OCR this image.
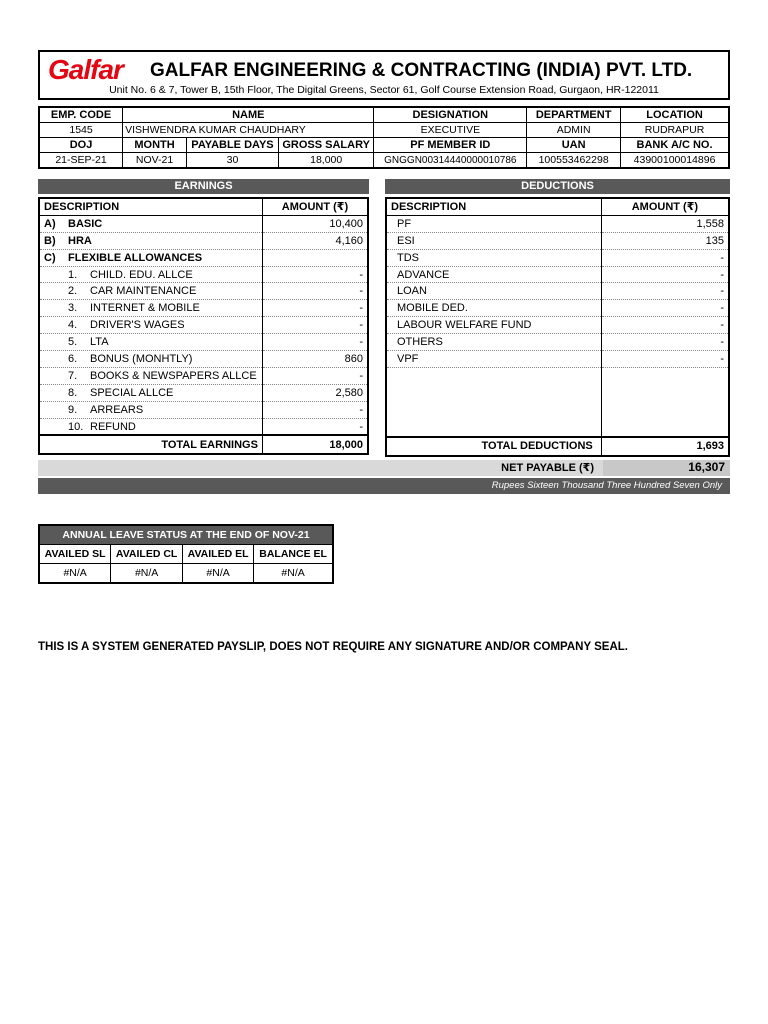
Galfar GALFAR ENGINEERING & CONTRACTING (INDIA) PVT. LTD.
Unit No. 6 & 7, Tower B, 15th Floor, The Digital Greens, Sector 61, Golf Course Extension Road, Gurgaon, HR-122011
EMP. CODE	NAME			DESIGNATION	DEPARTMENT	LOCATION
1545	VISHWENDRA KUMAR CHAUDHARY			EXECUTIVE	ADMIN	RUDRAPUR
DOJ	MONTH	PAYABLE DAYS	GROSS SALARY	PF MEMBER ID	UAN	BANK A/C NO.
21-SEP-21	NOV-21	30	18,000	GNGGN00314440000010786	100553462298	43900100014896
EARNINGS	DEDUCTIONS
DESCRIPTION	AMOUNT (₹)
A) BASIC	10,400
B) HRA	4,160
C) FLEXIBLE ALLOWANCES	
1. CHILD. EDU. ALLCE	-
2. CAR MAINTENANCE	-
3. INTERNET & MOBILE	-
4. DRIVER'S WAGES	-
5. LTA	-
6. BONUS (MONHTLY)	860
7. BOOKS & NEWSPAPERS ALLCE	-
8. SPECIAL ALLCE	2,580
9. ARREARS	-
10. REFUND	-
TOTAL EARNINGS	18,000
DESCRIPTION	AMOUNT (₹)
PF	1,558
ESI	135
TDS	-
ADVANCE	-
LOAN	-
MOBILE DED.	-
LABOUR WELFARE FUND	-
OTHERS	-
VPF	-

TOTAL DEDUCTIONS	1,693
NET PAYABLE (₹)	16,307
Rupees Sixteen Thousand Three Hundred Seven Only
ANNUAL LEAVE STATUS AT THE END OF NOV-21			
AVAILED SL	AVAILED CL	AVAILED EL	BALANCE EL
#N/A	#N/A	#N/A	#N/A
THIS IS A SYSTEM GENERATED PAYSLIP, DOES NOT REQUIRE ANY SIGNATURE AND/OR COMPANY SEAL.
